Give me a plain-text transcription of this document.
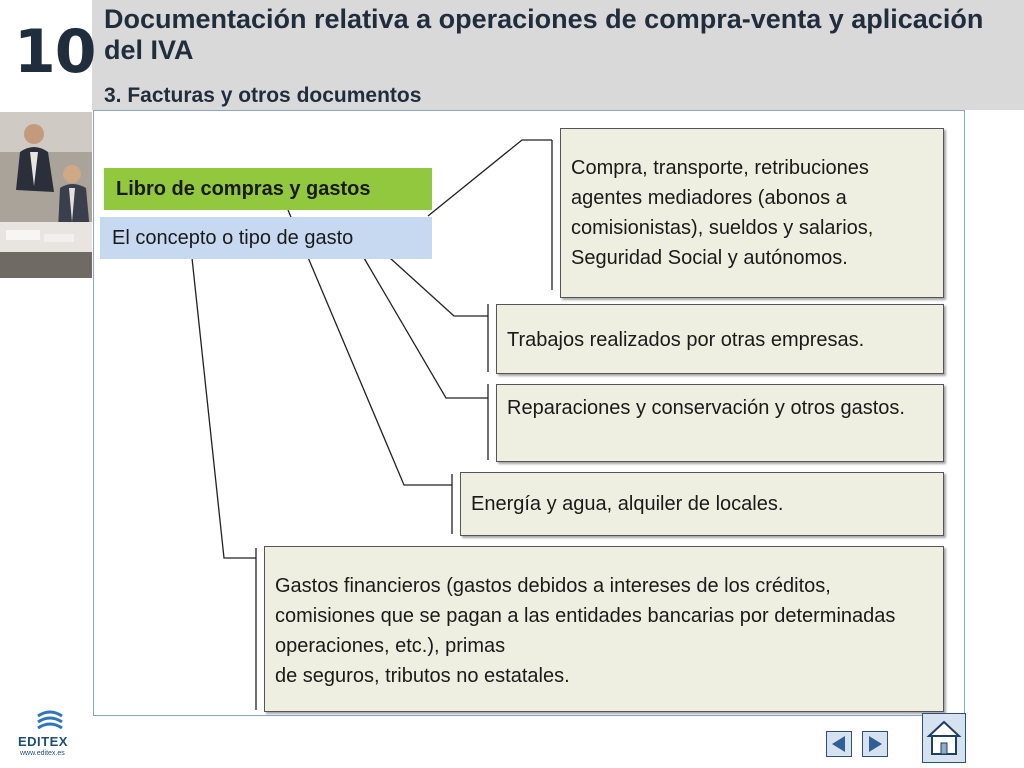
10 Documentación relativa a operaciones de compra-venta y aplicación del IVA
3. Facturas y otros documentos
Libro de compras y gastos
El concepto o tipo de gasto
Compra, transporte, retribuciones agentes mediadores (abonos a comisionistas), sueldos y salarios, Seguridad Social y autónomos.
Trabajos realizados por otras empresas.
Reparaciones y conservación y otros gastos.
Energía y agua, alquiler de locales.
Gastos financieros (gastos debidos a intereses de los créditos, comisiones que se pagan a las entidades bancarias por determinadas operaciones, etc.), primas
de seguros, tributos no estatales.
EDITEX
www.editex.es
